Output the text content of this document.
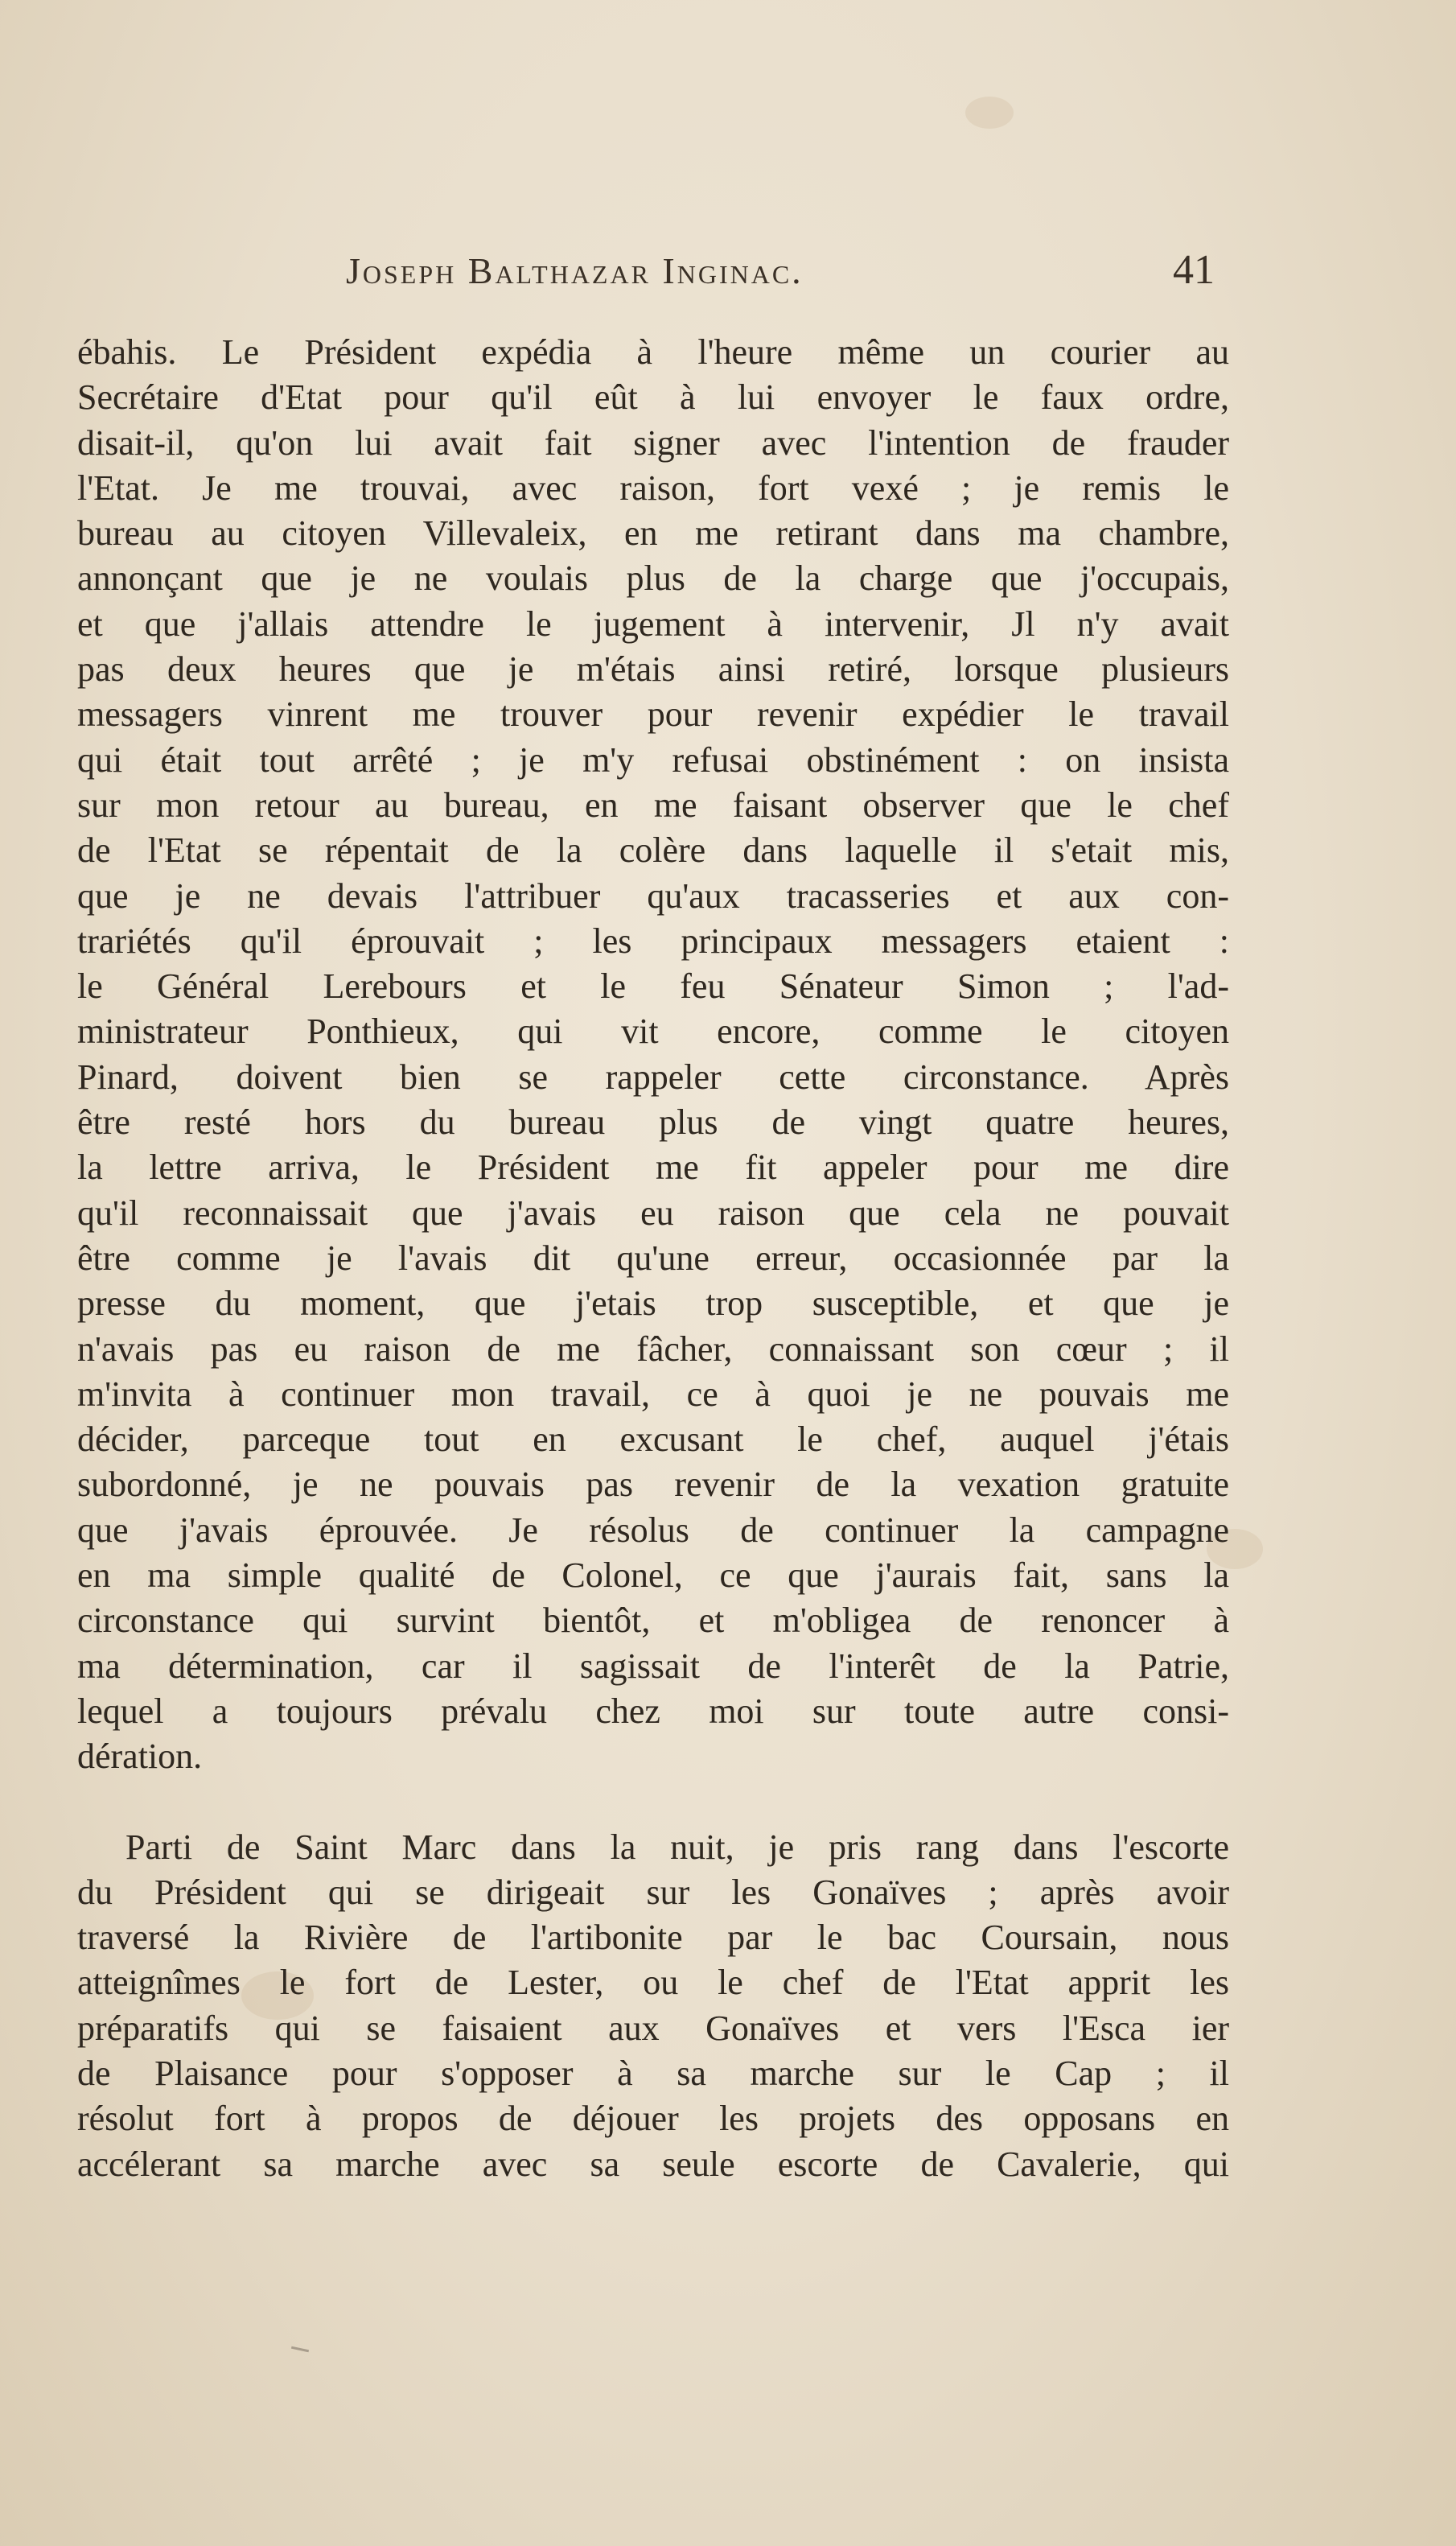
Joseph Balthazar Inginac.	41
ébahis. Le Président expédia à l'heure même un courier au
Secrétaire d'Etat pour qu'il eût à lui envoyer le faux ordre,
disait-il, qu'on lui avait fait signer avec l'intention de frauder
l'Etat. Je me trouvai, avec raison, fort vexé ; je remis le
bureau au citoyen Villevaleix, en me retirant dans ma chambre,
annonçant que je ne voulais plus de la charge que j'occupais,
et que j'allais attendre le jugement à intervenir, Jl n'y avait
pas deux heures que je m'étais ainsi retiré, lorsque plusieurs
messagers vinrent me trouver pour revenir expédier le travail
qui était tout arrêté ; je m'y refusai obstinément : on insista
sur mon retour au bureau, en me faisant observer que le chef
de l'Etat se répentait de la colère dans laquelle il s'etait mis,
que je ne devais l'attribuer qu'aux tracasseries et aux con-
trariétés qu'il éprouvait ; les principaux messagers etaient :
le Général Lerebours et le feu Sénateur Simon ; l'ad-
ministrateur Ponthieux, qui vit encore, comme le citoyen
Pinard, doivent bien se rappeler cette circonstance. Après
être resté hors du bureau plus de vingt quatre heures,
la lettre arriva, le Président me fit appeler pour me dire
qu'il reconnaissait que j'avais eu raison que cela ne pouvait
être comme je l'avais dit qu'une erreur, occasionnée par la
presse du moment, que j'etais trop susceptible, et que je
n'avais pas eu raison de me fâcher, connaissant son cœur ; il
m'invita à continuer mon travail, ce à quoi je ne pouvais me
décider, parceque tout en excusant le chef, auquel j'étais
subordonné, je ne pouvais pas revenir de la vexation gratuite
que j'avais éprouvée. Je résolus de continuer la campagne
en ma simple qualité de Colonel, ce que j'aurais fait, sans la
circonstance qui survint bientôt, et m'obligea de renoncer à
ma détermination, car il sagissait de l'interêt de la Patrie,
lequel a toujours prévalu chez moi sur toute autre consi-
dération.
Parti de Saint Marc dans la nuit, je pris rang dans l'escorte
du Président qui se dirigeait sur les Gonaïves ; après avoir
traversé la Rivière de l'artibonite par le bac Coursain, nous
atteignîmes le fort de Lester, ou le chef de l'Etat apprit les
préparatifs qui se faisaient aux Gonaïves et vers l'Esca ier
de Plaisance pour s'opposer à sa marche sur le Cap ; il
résolut fort à propos de déjouer les projets des opposans en
accélerant sa marche avec sa seule escorte de Cavalerie, qui
